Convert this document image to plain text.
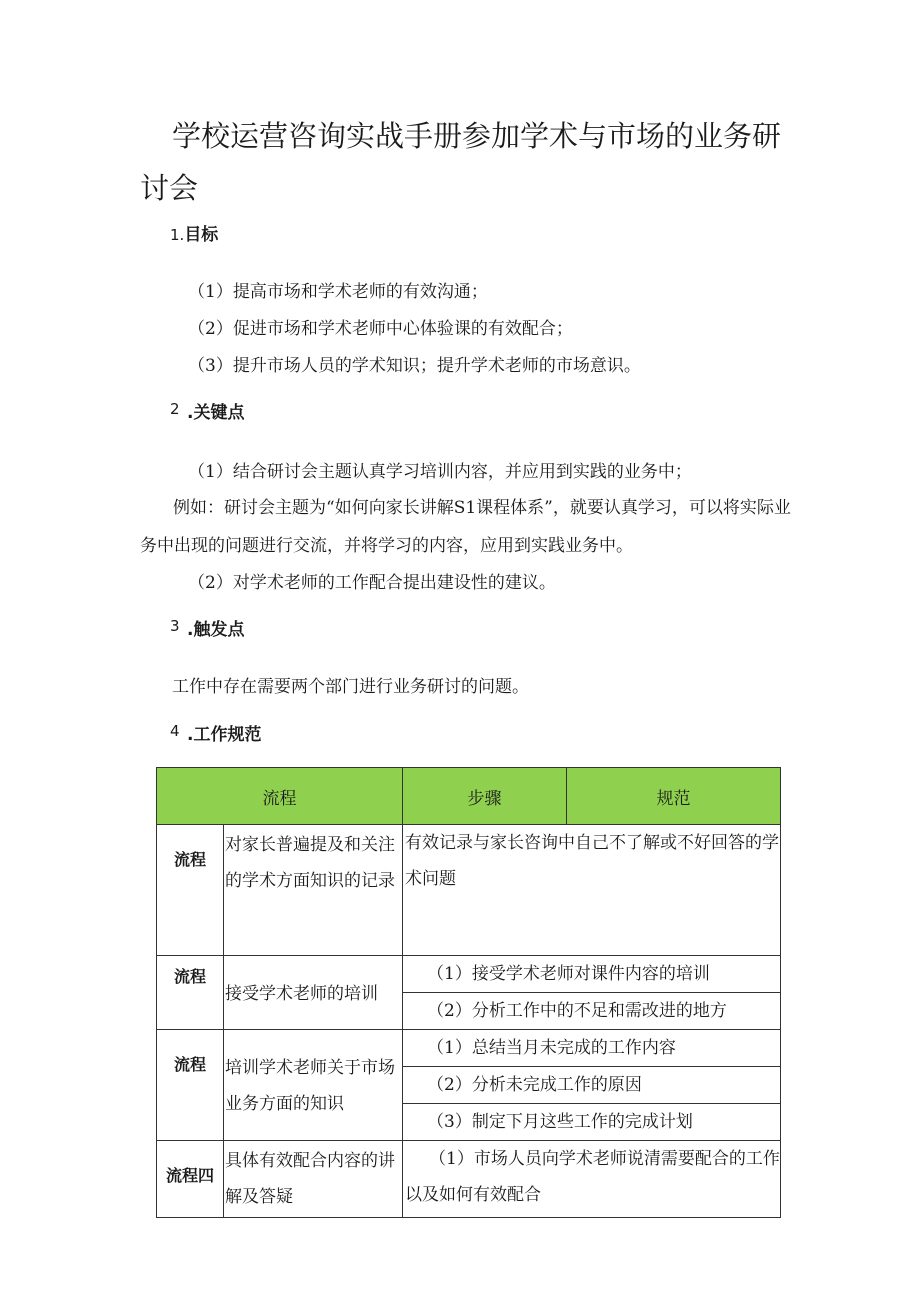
学校运营咨询实战手册参加学术与市场的业务研讨会
1.目标

（1）提高市场和学术老师的有效沟通；

（2）促进市场和学术老师中心体验课的有效配合；

（3）提升市场人员的学术知识；提升学术老师的市场意识。

2 .关键点

（1）结合研讨会主题认真学习培训内容，并应用到实践的业务中；

例如：研讨会主题为“如何向家长讲解S1课程体系”，就要认真学习，可以将实际业务中出现的问题进行交流，并将学习的内容，应用到实践业务中。

（2）对学术老师的工作配合提出建设性的建议。

3 .触发点

工作中存在需要两个部门进行业务研讨的问题。

4 .工作规范
流程		步骤	规范
流程	对家长普遍提及和关注的学术方面知识的记录	有效记录与家长咨询中自己不了解或不好回答的学术问题	
流程	接受学术老师的培训	（1）接受学术老师对课件内容的培训	
		（2）分析工作中的不足和需改进的地方	
流程	培训学术老师关于市场业务方面的知识	（1）总结当月未完成的工作内容	
		（2）分析未完成工作的原因	
		（3）制定下月这些工作的完成计划	
流程四	具体有效配合内容的讲解及答疑	（1）市场人员向学术老师说清需要配合的工作以及如何有效配合	
